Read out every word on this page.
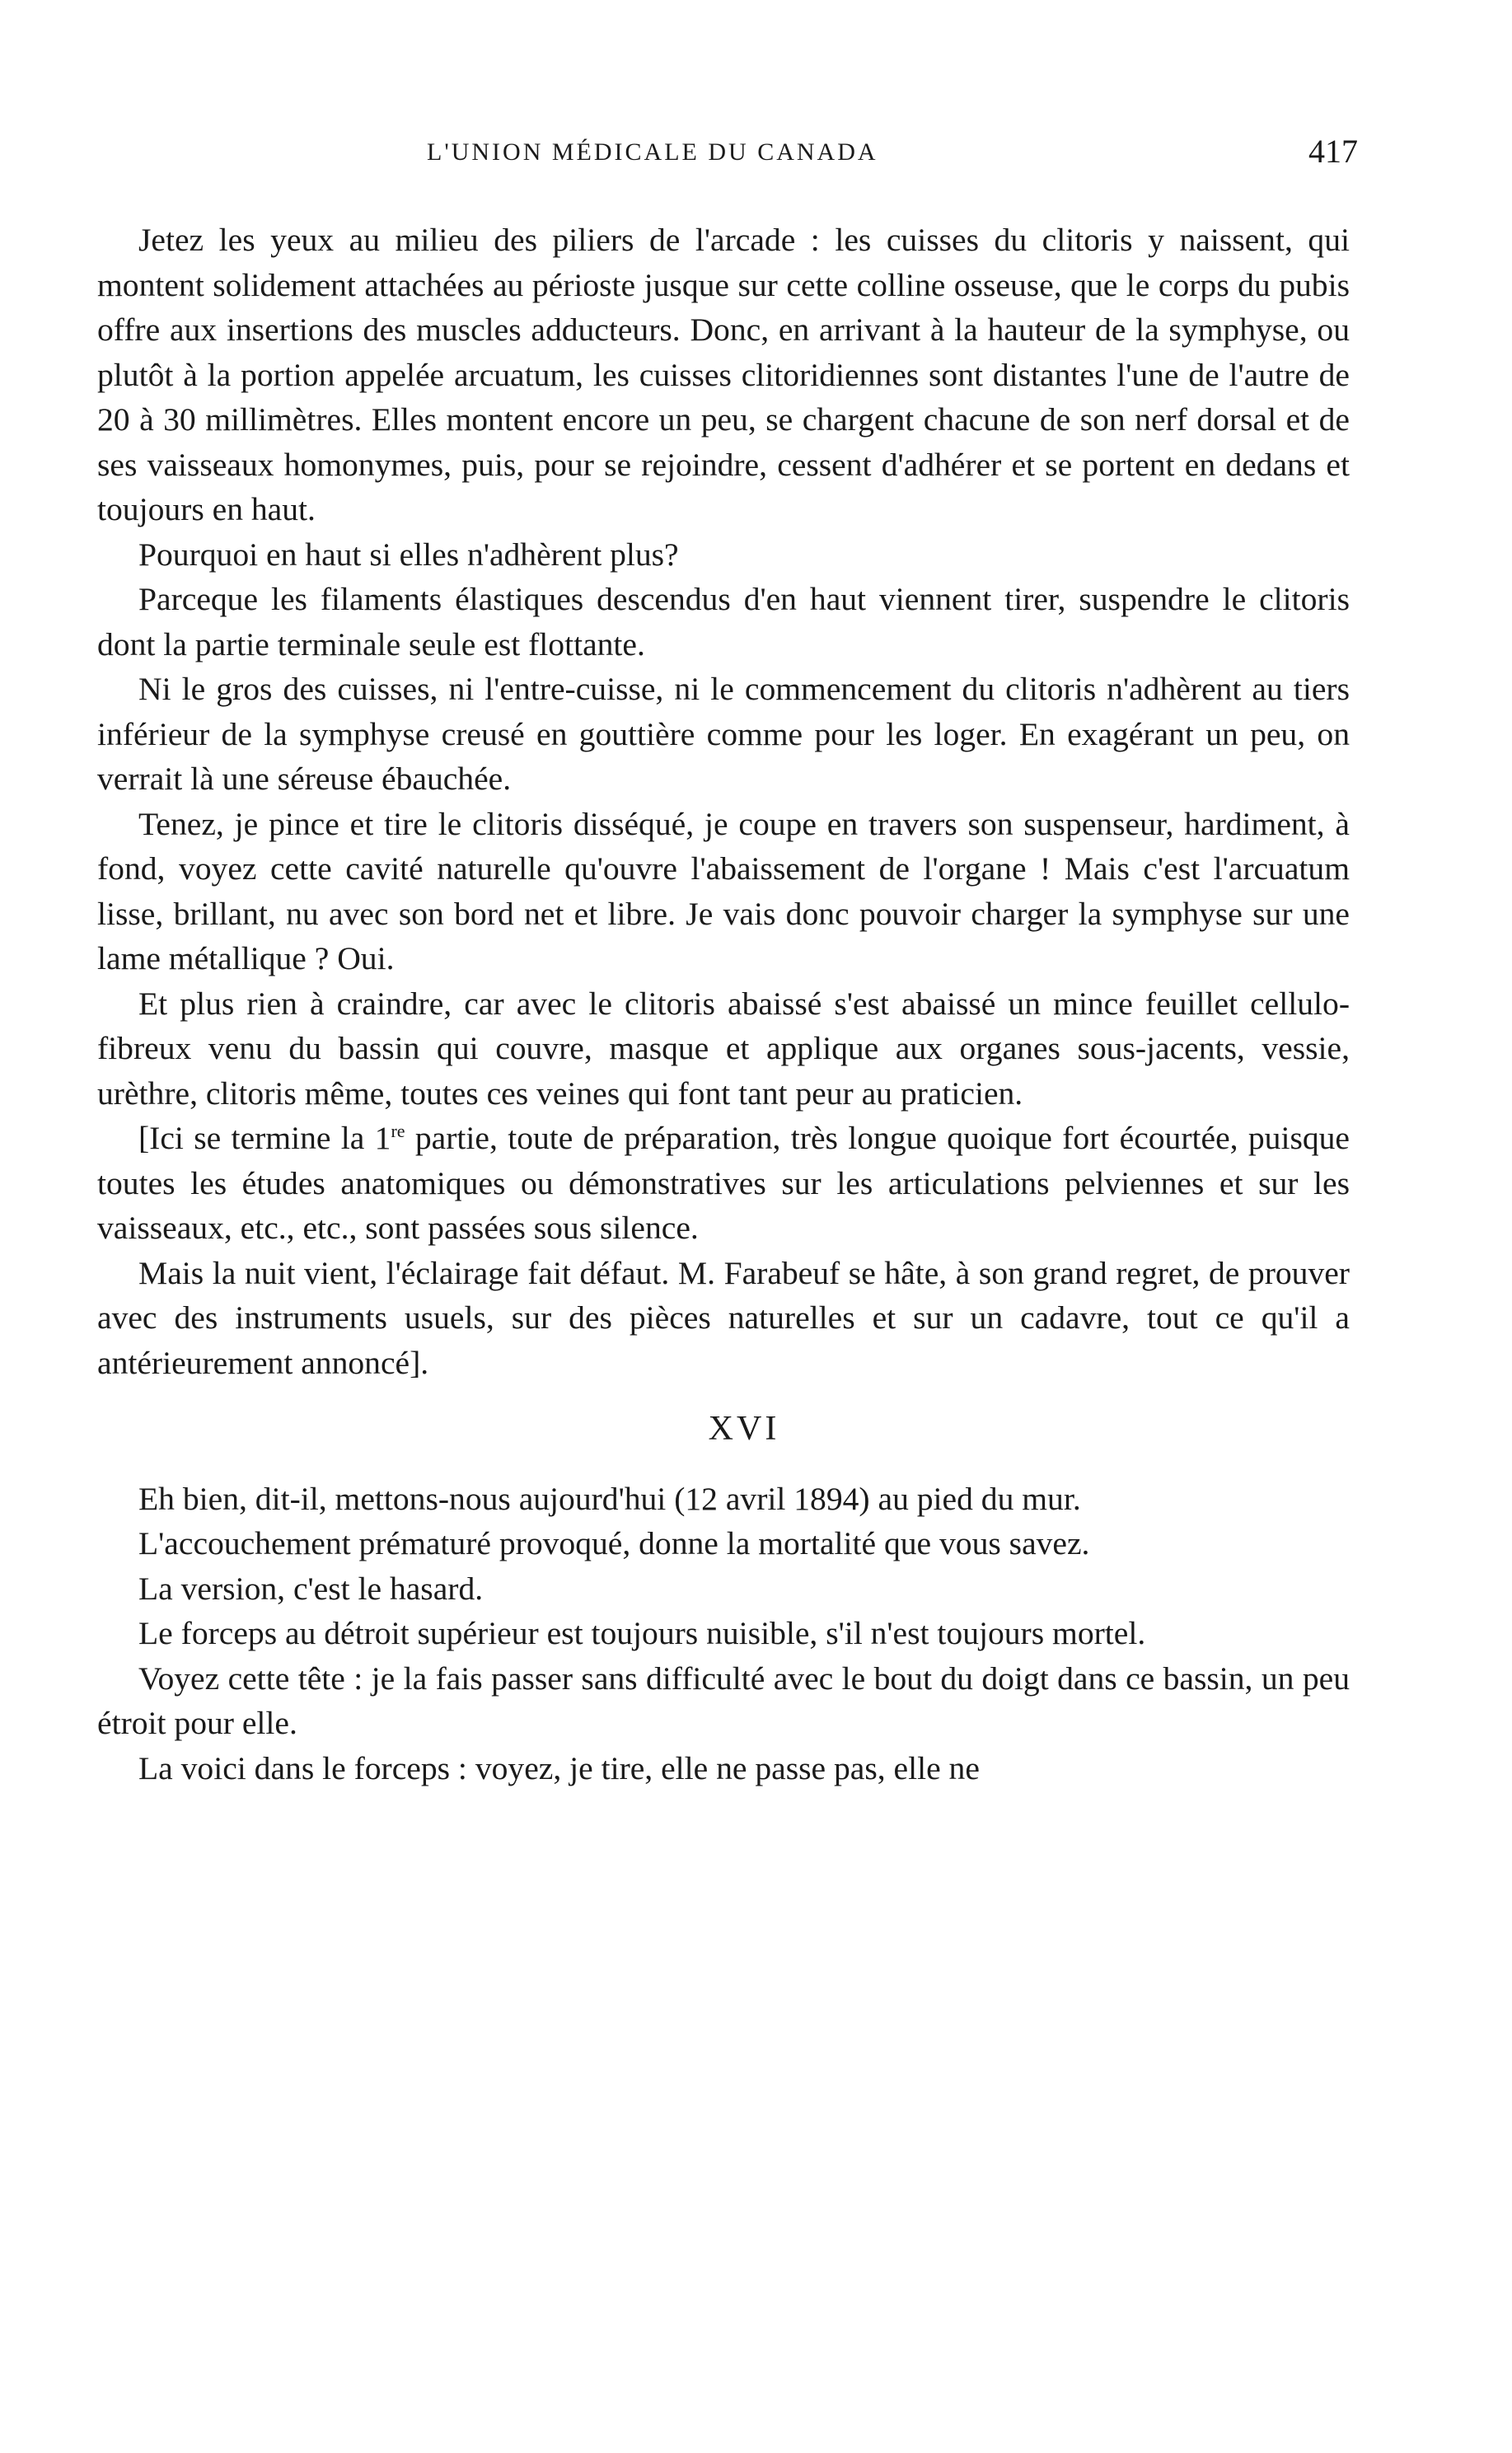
L'UNION MÉDICALE DU CANADA	417

Jetez les yeux au milieu des piliers de l'arcade : les cuisses du clitoris y naissent, qui montent solidement attachées au périoste jusque sur cette colline osseuse, que le corps du pubis offre aux insertions des muscles adducteurs. Donc, en arrivant à la hauteur de la symphyse, ou plutôt à la portion appelée arcuatum, les cuisses clitoridiennes sont distantes l'une de l'autre de 20 à 30 millimètres. Elles montent encore un peu, se chargent chacune de son nerf dorsal et de ses vaisseaux homonymes, puis, pour se rejoindre, cessent d'adhérer et se portent en dedans et toujours en haut.

Pourquoi en haut si elles n'adhèrent plus?

Parceque les filaments élastiques descendus d'en haut viennent tirer, suspendre le clitoris dont la partie terminale seule est flottante.

Ni le gros des cuisses, ni l'entre-cuisse, ni le commencement du clitoris n'adhèrent au tiers inférieur de la symphyse creusé en gouttière comme pour les loger. En exagérant un peu, on verrait là une séreuse ébauchée.

Tenez, je pince et tire le clitoris disséqué, je coupe en travers son suspenseur, hardiment, à fond, voyez cette cavité naturelle qu'ouvre l'abaissement de l'organe ! Mais c'est l'arcuatum lisse, brillant, nu avec son bord net et libre. Je vais donc pouvoir charger la symphyse sur une lame métallique ? Oui.

Et plus rien à craindre, car avec le clitoris abaissé s'est abaissé un mince feuillet cellulo-fibreux venu du bassin qui couvre, masque et applique aux organes sous-jacents, vessie, urèthre, clitoris même, toutes ces veines qui font tant peur au praticien.

[Ici se termine la 1re partie, toute de préparation, très longue quoique fort écourtée, puisque toutes les études anatomiques ou démonstratives sur les articulations pelviennes et sur les vaisseaux, etc., etc., sont passées sous silence.

Mais la nuit vient, l'éclairage fait défaut. M. Farabeuf se hâte, à son grand regret, de prouver avec des instruments usuels, sur des pièces naturelles et sur un cadavre, tout ce qu'il a antérieurement annoncé].

XVI

Eh bien, dit-il, mettons-nous aujourd'hui (12 avril 1894) au pied du mur.

L'accouchement prématuré provoqué, donne la mortalité que vous savez.

La version, c'est le hasard.

Le forceps au détroit supérieur est toujours nuisible, s'il n'est toujours mortel.

Voyez cette tête : je la fais passer sans difficulté avec le bout du doigt dans ce bassin, un peu étroit pour elle.

La voici dans le forceps : voyez, je tire, elle ne passe pas, elle ne
